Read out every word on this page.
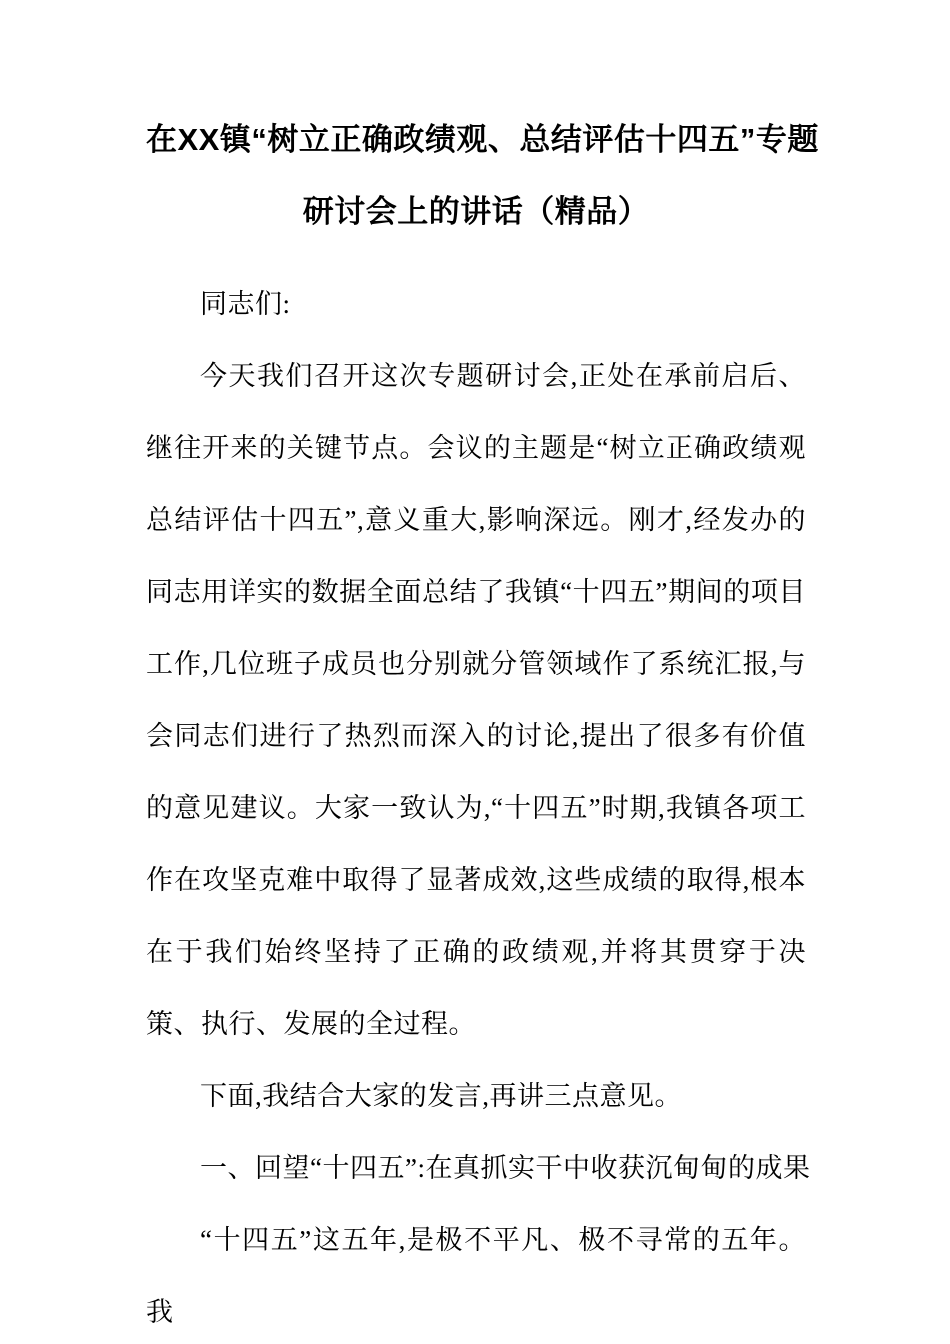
在XX镇“树立正确政绩观、总结评估十四五”专题
研讨会上的讲话（精品）

同志们:

今天我们召开这次专题研讨会,正处在承前启后、继往开来的关键节点。会议的主题是“树立正确政绩观总结评估十四五”,意义重大,影响深远。刚才,经发办的同志用详实的数据全面总结了我镇“十四五”期间的项目工作,几位班子成员也分别就分管领域作了系统汇报,与会同志们进行了热烈而深入的讨论,提出了很多有价值的意见建议。大家一致认为,“十四五”时期,我镇各项工作在攻坚克难中取得了显著成效,这些成绩的取得,根本在于我们始终坚持了正确的政绩观,并将其贯穿于决策、执行、发展的全过程。

下面,我结合大家的发言,再讲三点意见。

一、回望“十四五”:在真抓实干中收获沉甸甸的成果

“十四五”这五年,是极不平凡、极不寻常的五年。我
